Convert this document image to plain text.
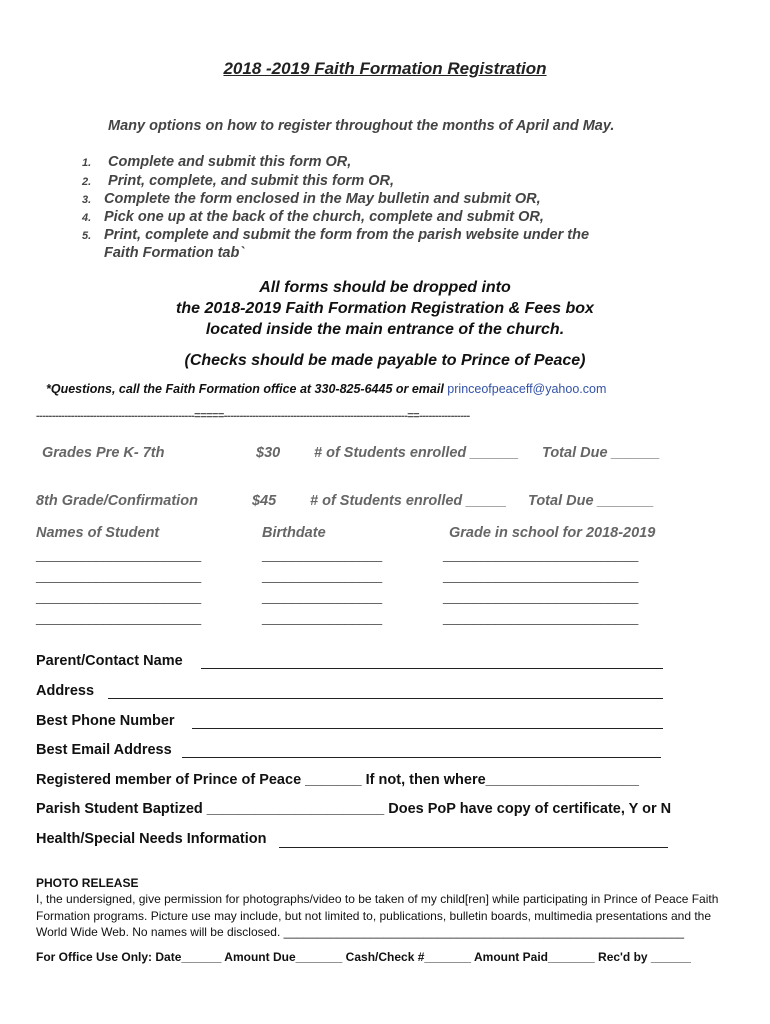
2018 -2019 Faith Formation Registration
Many options on how to register throughout the months of April and May.
1. Complete and submit this form OR,
2. Print, complete, and submit this form OR,
3. Complete the form enclosed in the May bulletin and submit OR,
4. Pick one up at the back of the church, complete and submit OR,
5. Print, complete and submit the form from the parish website under the
Faith Formation tab`
All forms should be dropped into
the 2018-2019 Faith Formation Registration & Fees box
located inside the main entrance of the church.
(Checks should be made payable to Prince of Peace)
*Questions, call the Faith Formation office at 330-825-6445 or email princeofpeaceff@yahoo.com
--------------------------------------------------=====----------------------------------------------------------==----------------
Grades Pre K- 7th	$30 # of Students enrolled ______ Total Due ______
8th Grade/Confirmation	$45 # of Students enrolled _____ Total Due _______
Names of Student	Birthdate	Grade in school for 2018-2019
______________________	________________	__________________________
______________________	________________	__________________________
______________________	________________	__________________________
______________________	________________	__________________________
Parent/Contact Name
Address
Best Phone Number
Best Email Address
Registered member of Prince of Peace _______ If not, then where___________________
Parish Student Baptized ______________________ Does PoP have copy of certificate, Y or N
Health/Special Needs Information
PHOTO RELEASE
I, the undersigned, give permission for photographs/video to be taken of my child[ren] while participating in Prince of Peace Faith Formation programs. Picture use may include, but not limited to, publications, bulletin boards, multimedia presentations and the World Wide Web. No names will be disclosed. ____________________________________________________________
For Office Use Only: Date______ Amount Due_______ Cash/Check #_______ Amount Paid_______ Rec'd by ______
